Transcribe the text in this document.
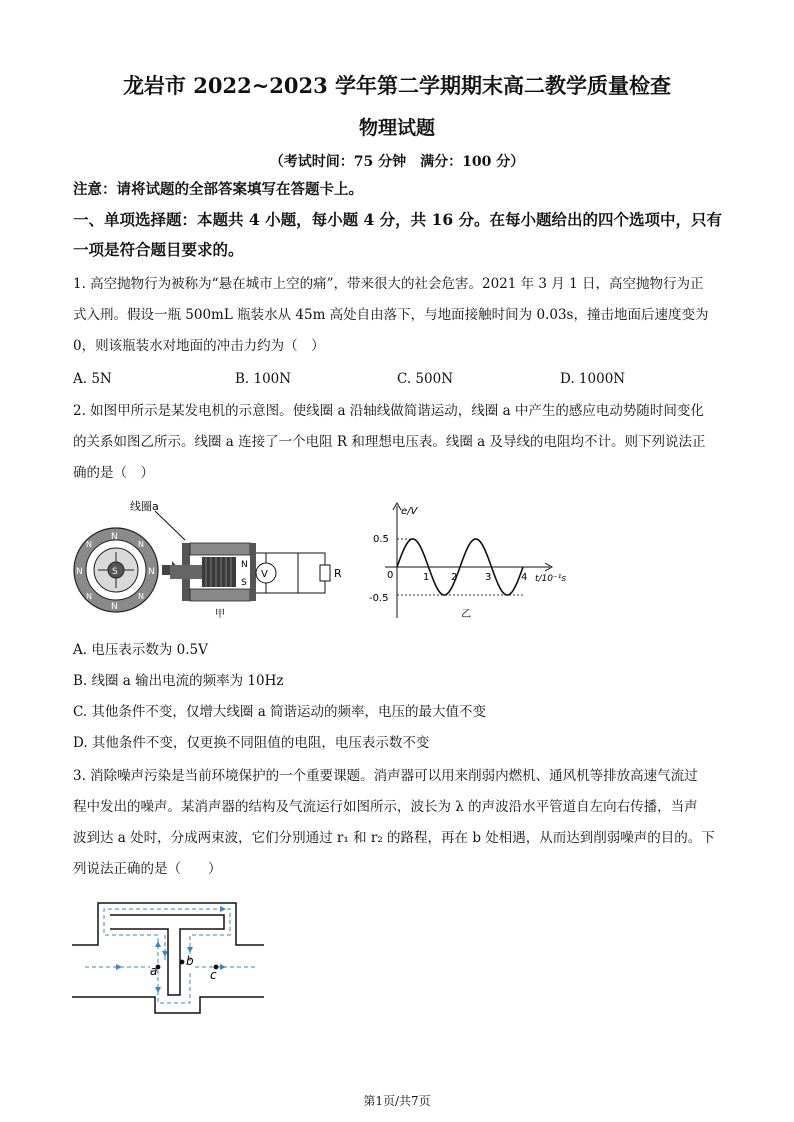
龙岩市 2022~2023 学年第二学期期末高二教学质量检查
物理试题
（考试时间：75 分钟　满分：100 分）
注意：请将试题的全部答案填写在答题卡上。
一、单项选择题：本题共 4 小题，每小题 4 分，共 16 分。在每小题给出的四个选项中，只有
一项是符合题目要求的。
1. 高空抛物行为被称为“悬在城市上空的痛”，带来很大的社会危害。2021 年 3 月 1 日，高空抛物行为正
式入刑。假设一瓶 500mL 瓶装水从 45m 高处自由落下，与地面接触时间为 0.03s，撞击地面后速度变为
0，则该瓶装水对地面的冲击力约为（　）
A. 5N	B. 100N	C. 500N	D. 1000N
2. 如图甲所示是某发电机的示意图。使线圈 a 沿轴线做简谐运动，线圈 a 中产生的感应电动势随时间变化
的关系如图乙所示。线圈 a 连接了一个电阻 R 和理想电压表。线圈 a 及导线的电阻均不计。则下列说法正
确的是（　）
线圈a
S
N
N
N	N
N	N
N	N
N
S
V	R
甲
e/V
t/10⁻¹s
0.5
0
-0.5
1 2	3	4
乙
A. 电压表示数为 0.5V
B. 线圈 a 输出电流的频率为 10Hz
C. 其他条件不变，仅增大线圈 a 简谐运动的频率，电压的最大值不变
D. 其他条件不变，仅更换不同阻值的电阻，电压表示数不变
3. 消除噪声污染是当前环境保护的一个重要课题。消声器可以用来削弱内燃机、通风机等排放高速气流过
程中发出的噪声。某消声器的结构及气流运行如图所示，波长为 λ 的声波沿水平管道自左向右传播，当声
波到达 a 处时，分成两束波，它们分别通过 r₁ 和 r₂ 的路程，再在 b 处相遇，从而达到削弱噪声的目的。下
列说法正确的是（　　）
a
b
c
第1页/共7页
